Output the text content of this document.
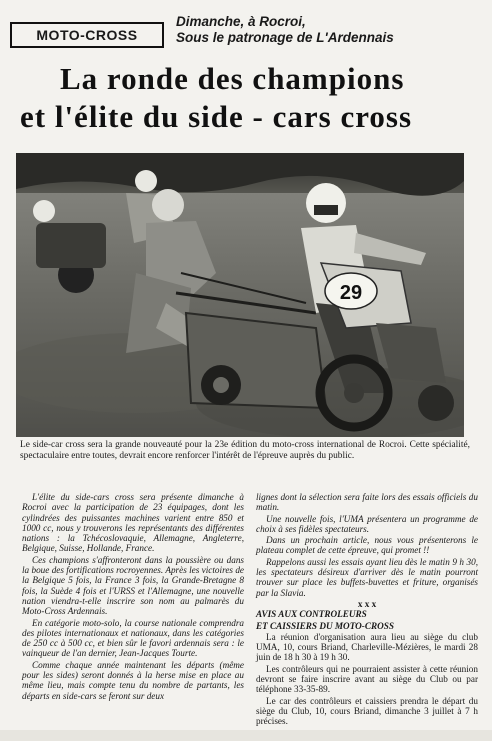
MOTO-CROSS
Dimanche, à Rocroi,
Sous le patronage de L'Ardennais
La ronde des champions
et l'élite du side - cars cross
29
Le side-car cross sera la grande nouveauté pour la 23e édition du moto-cross international de Rocroi. Cette spécialité, spectaculaire entre toutes, devrait encore renforcer l'intérêt de l'épreuve auprès du public.

L'élite du side-cars cross sera présente dimanche à Rocroi avec la participation de 23 équipages, dont les cylindrées des puissantes machines varient entre 850 et 1000 cc, nous y trouverons les représentants des différentes nations : la Tchécoslovaquie, Allemagne, Angleterre, Belgique, Suisse, Hollande, France.

Ces champions s'affronteront dans la poussière ou dans la boue des fortifications rocroyennes. Après les victoires de la Belgique 5 fois, la France 3 fois, la Grande-Bretagne 8 fois, la Suède 4 fois et l'URSS et l'Allemagne, une nouvelle nation viendra-t-elle inscrire son nom au palmarès du Moto-Cross Ardennais.

En catégorie moto-solo, la course nationale comprendra des pilotes internationaux et nationaux, dans les catégories de 250 cc à 500 cc, et bien sûr le favori ardennais sera : le vainqueur de l'an dernier, Jean-Jacques Tourte.

Comme chaque année maintenant les départs (même pour les sides) seront donnés à la herse mise en place au même lieu, mais compte tenu du nombre de partants, les départs en side-cars se feront sur deux

lignes dont la sélection sera faite lors des essais officiels du matin.

Une nouvelle fois, l'UMA présentera un programme de choix à ses fidèles spectateurs.

Dans un prochain article, nous vous présenterons le plateau complet de cette épreuve, qui promet !!

Rappelons aussi les essais ayant lieu dès le matin 9 h 30, les spectateurs désireux d'arriver dès le matin pourront trouver sur place les buffets-buvettes et friture, organisés par la Slavia.

x x x

AVIS AUX CONTROLEURS

ET CAISSIERS DU MOTO-CROSS

La réunion d'organisation aura lieu au siège du club UMA, 10, cours Briand, Charleville-Mézières, le mardi 28 juin de 18 h 30 à 19 h 30.

Les contrôleurs qui ne pourraient assister à cette réunion devront se faire inscrire avant au siège du Club ou par téléphone 33-35-89.

Le car des contrôleurs et caissiers prendra le départ du siège du Club, 10, cours Briand, dimanche 3 juillet à 7 h précises.
